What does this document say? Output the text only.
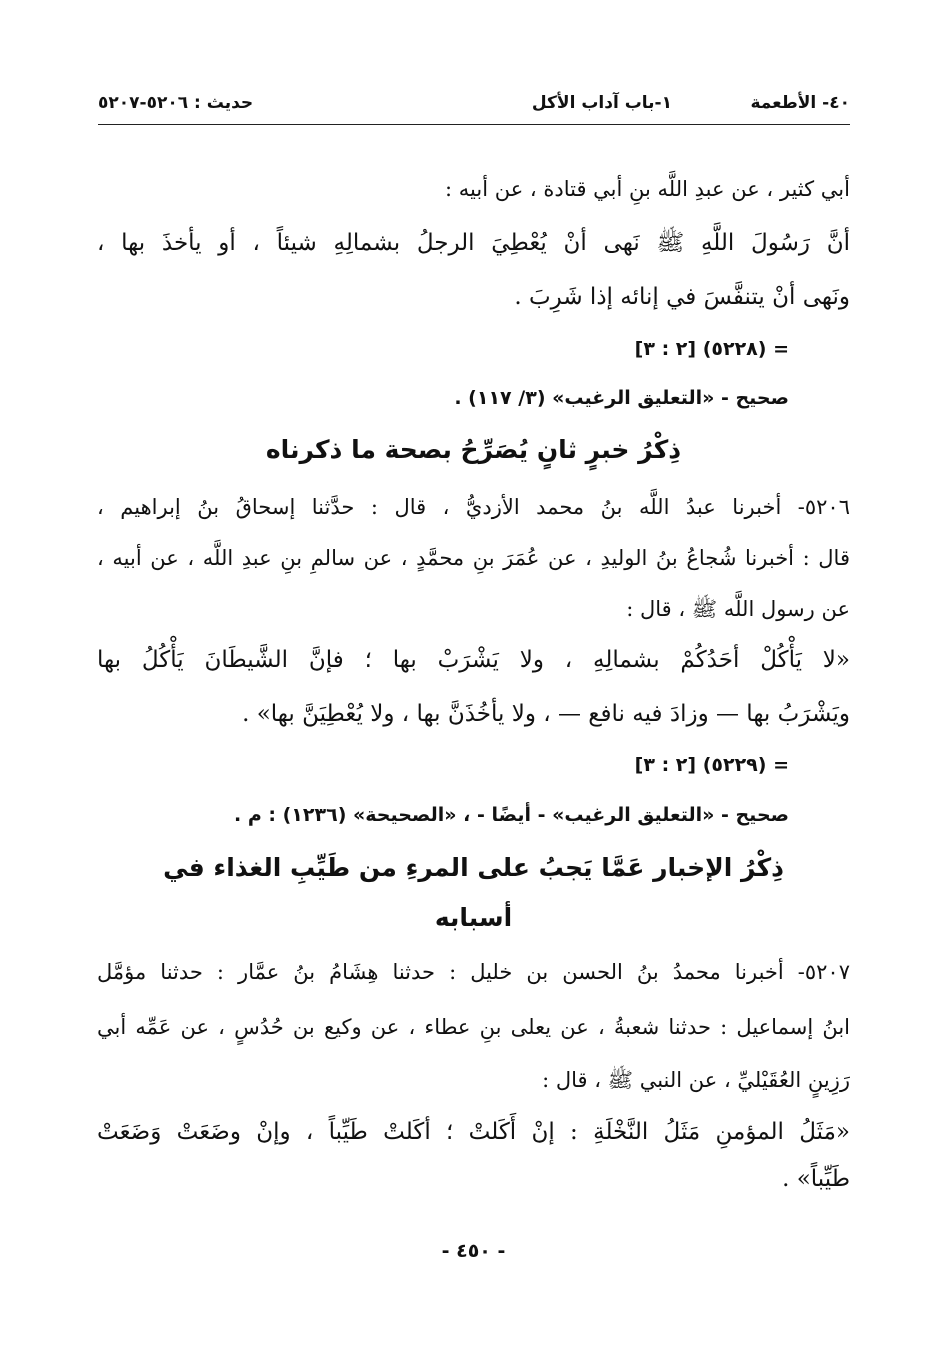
٤٠- الأطعمة
١-باب آداب الأكل
حديث : ٥٢٠٦-٥٢٠٧
أبي كثير ، عن عبدِ اللَّه بنِ أبي قتادة ، عن أبيه :
أنَّ رَسُولَ اللَّهِ ﷺ نَهى أنْ يُعْطِيَ الرجلُ بشمالِهِ شيئاً ، أو يأخذَ بها ،
ونَهى أنْ يتنفَّسَ في إنائه إذا شَرِبَ .
= (٥٢٢٨) [٢ : ٣]
صحيح - «التعليق الرغيب» (٣/ ١١٧) .
ذِكْرُ خبرٍ ثانٍ يُصَرِّحُ بصحة ما ذكرناه
٥٢٠٦- أخبرنا عبدُ اللَّه بنُ محمد الأزديُّ ، قال : حدَّثنا إسحاقُ بنُ إبراهيم ،
قال : أخبرنا شُجاعُ بنُ الوليدِ ، عن عُمَرَ بنِ محمَّدٍ ، عن سالمِ بنِ عبدِ اللَّه ، عن أبيه ،
عن رسول اللَّه ﷺ ، قال :
«لا يَأْكُلْ أحَدُكُمْ بشمالِهِ ، ولا يَشْرَبْ بها ؛ فإنَّ الشَّيطَانَ يَأْكُلُ بها
ويَشْرَبُ بها — وزادَ فيه نافع — ، ولا يأخُذَنَّ بها ، ولا يُعْطِيَنَّ بها» .
= (٥٢٢٩) [٢ : ٣]
صحيح - «التعليق الرغيب» - أيضًا - ، «الصحيحة» (١٢٣٦) : م .
ذِكْرُ الإخبار عَمَّا يَجبُ على المرءِ من طَيِّبِ الغذاء في
أسبابه
٥٢٠٧- أخبرنا محمدُ بنُ الحسن بن خليل : حدثنا هِشَامُ بنُ عمَّار : حدثنا مؤمَّل
ابنُ إسماعيل : حدثنا شعبةُ ، عن يعلى بنِ عطاء ، عن وكيع بن حُدُسٍ ، عن عَمِّه أبي
رَزِينٍ العُقَيْليِّ ، عن النبي ﷺ ، قال :
«مَثَلُ المؤمنِ مَثَلُ النَّخْلَةِ : إنْ أَكَلتْ ؛ أكَلتْ طَيِّباً ، وإنْ وضَعَتْ وَضَعَتْ
طَيِّباً» .
- ٤٥٠ -
